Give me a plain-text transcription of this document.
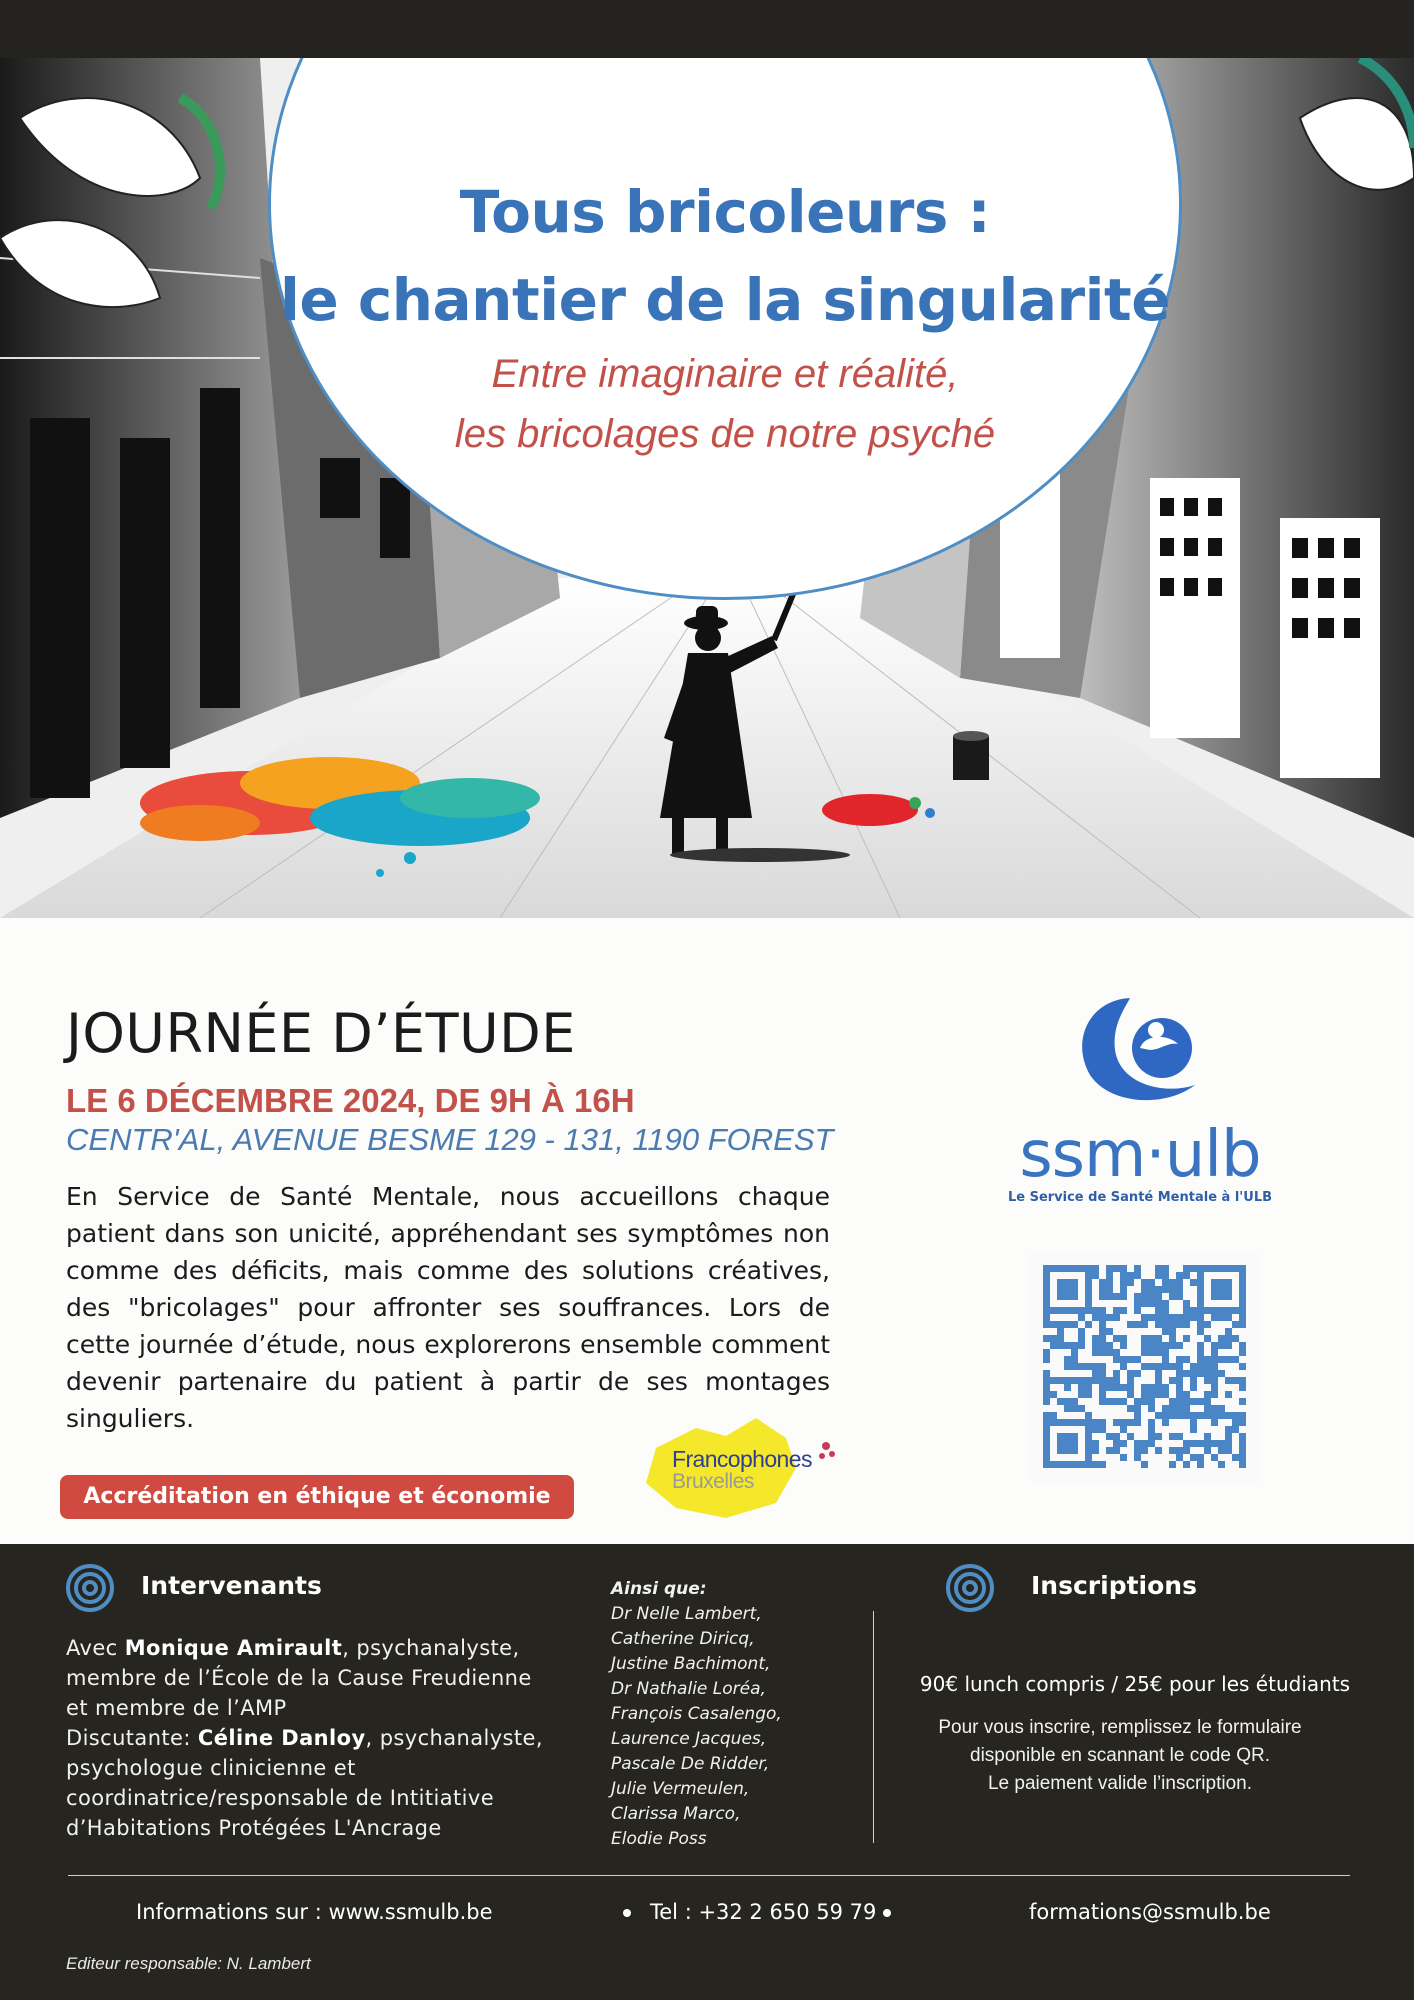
Tous bricoleurs :
le chantier de la singularité
Entre imaginaire et réalité,
les bricolages de notre psyché
JOURNÉE D’ÉTUDE
LE 6 DÉCEMBRE 2024, DE 9H À 16H
CENTR'AL, AVENUE BESME 129 - 131, 1190 FOREST
En Service de Santé Mentale, nous accueillons chaque patient dans son unicité, appréhendant ses symptômes non comme des déficits, mais comme des solutions créatives, des "bricolages" pour affronter ses souffrances. Lors de cette journée d’étude, nous explorerons ensemble comment devenir partenaire du patient à partir de ses montages singuliers.
Accréditation en éthique et économie
Francophones
Bruxelles
ssm·ulb
Le Service de Santé Mentale à l'ULB
Intervenants
Avec Monique Amirault, psychanalyste, membre de l’École de la Cause Freudienne et membre de l’AMP
Discutante: Céline Danloy, psychanalyste, psychologue clinicienne et coordinatrice/responsable de Intitiative d’Habitations Protégées L'Ancrage
Ainsi que:
Dr Nelle Lambert,
Catherine Diricq,
Justine Bachimont,
Dr Nathalie Loréa,
François Casalengo,
Laurence Jacques,
Pascale De Ridder,
Julie Vermeulen,
Clarissa Marco,
Elodie Poss
Inscriptions
90€ lunch compris / 25€ pour les étudiants
Pour vous inscrire, remplissez le formulaire
disponible en scannant le code QR.
Le paiement valide l’inscription.
Informations sur : www.ssmulb.be	Tel : +32 2 650 59 79	formations@ssmulb.be
Editeur responsable: N. Lambert
